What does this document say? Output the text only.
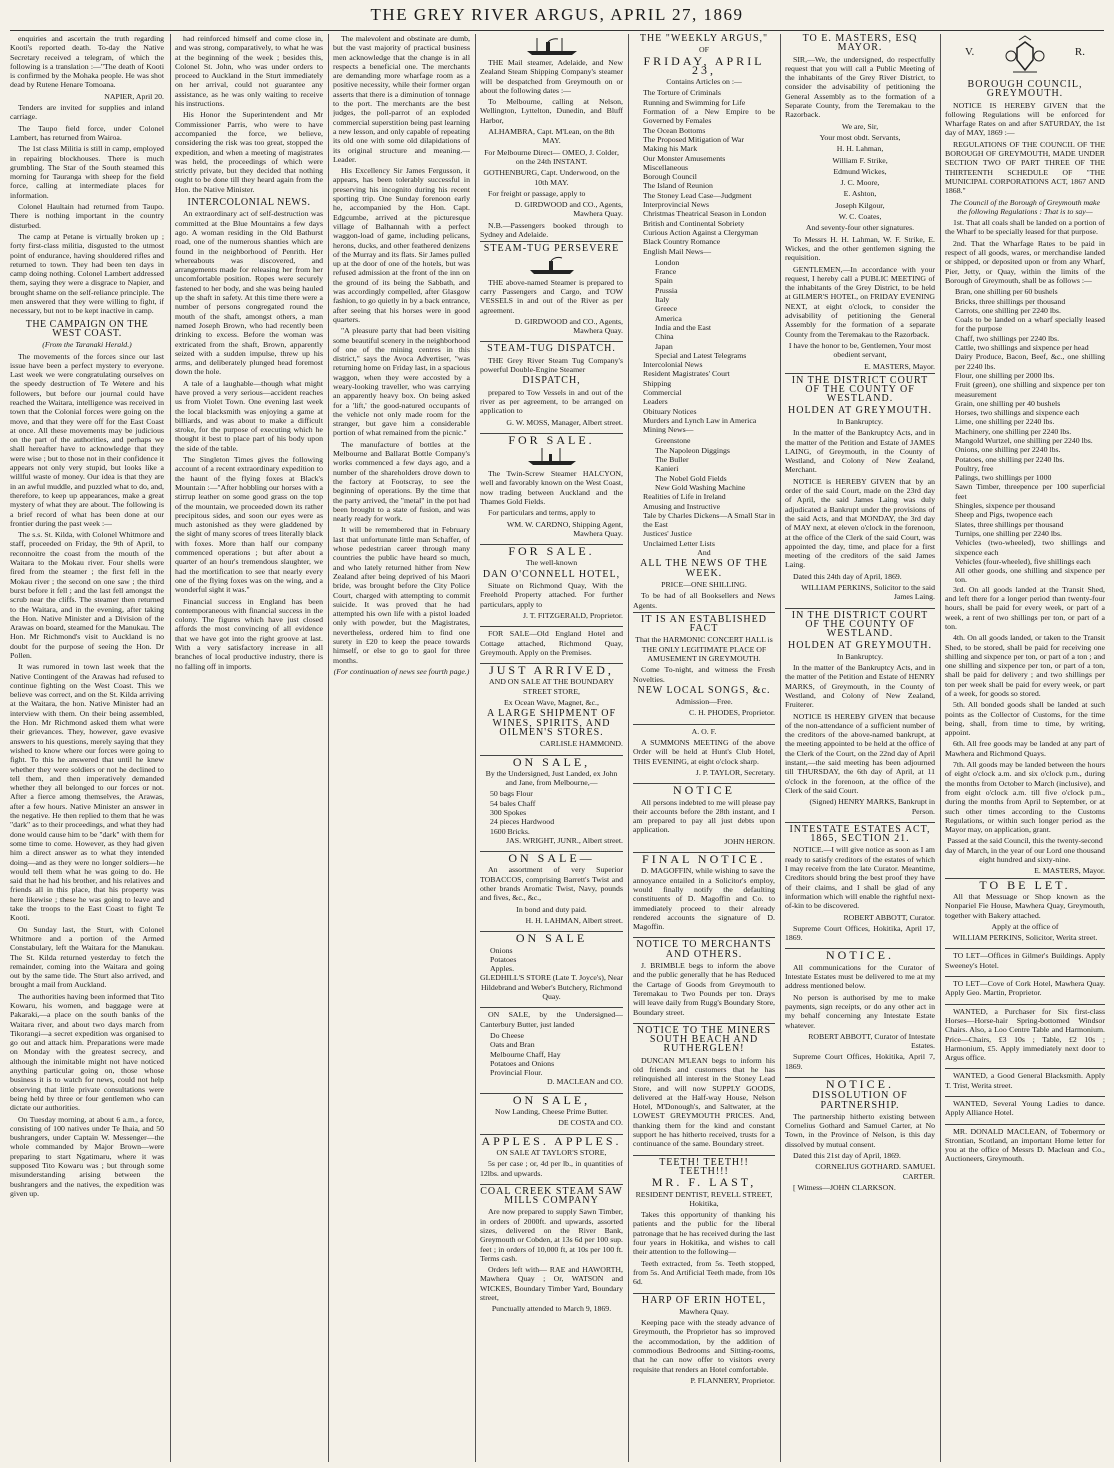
THE GREY RIVER ARGUS, APRIL 27, 1869

enquiries and ascertain the truth regarding Kooti's reported death. To-day the Native Secretary received a telegram, of which the following is a translation :—"The death of Kooti is confirmed by the Mohaka people. He was shot dead by Rutene Henare Tomoana.

NAPIER, April 20.

Tenders are invited for supplies and inland carriage.

The Taupo field force, under Colonel Lambert, has returned from Wairoa.

The 1st class Militia is still in camp, employed in repairing blockhouses. There is much grumbling. The Star of the South steamed this morning for Tauranga with sheep for the field force, calling at intermediate places for information.

Colonel Haultain had returned from Taupo. There is nothing important in the country disturbed.

The camp at Petane is virtually broken up ; forty first-class militia, disgusted to the utmost point of endurance, having shouldered rifles and returned to town. They had been ten days in camp doing nothing. Colonel Lambert addressed them, saying they were a disgrace to Napier, and brought shame on the self-reliance principle. The men answered that they were willing to fight, if necessary, but not to be kept inactive in camp.

THE CAMPAIGN ON THE WEST COAST.

(From the Taranaki Herald.)

The movements of the forces since our last issue have been a perfect mystery to everyone. Last week we were congratulating ourselves on the speedy destruction of Te Wetere and his followers, but before our journal could have reached the Waitara, intelligence was received in town that the Colonial forces were going on the move, and that they were off for the East Coast at once. All these movements may be judicious on the part of the authorities, and perhaps we shall hereafter have to acknowledge that they were wise ; but to those not in their confidence it appears not only very stupid, but looks like a willful waste of money. Our idea is that they are in an awful muddle, and puzzled what to do, and, therefore, to keep up appearances, make a great mystery of what they are about. The following is a brief record of what has been done at our frontier during the past week :—

The s.s. St. Kilda, with Colonel Whitmore and staff, proceeded on Friday, the 9th of April, to reconnoitre the coast from the mouth of the Waitara to the Mokau river. Four shells were fired from the steamer ; the first fell in the Mokau river ; the second on one saw ; the third burst before it fell ; and the last fell amongst the scrub near the cliffs. The steamer then returned to the Waitara, and in the evening, after taking the Hon. Native Minister and a Division of the Arawas on board, steamed for the Manukau. The Hon. Mr Richmond's visit to Auckland is no doubt for the purpose of seeing the Hon. Dr Pollen.

It was rumored in town last week that the Native Contingent of the Arawas had refused to continue fighting on the West Coast. This we believe was correct, and on the St. Kilda arriving at the Waitara, the hon. Native Minister had an interview with them. On their being assembled, the Hon. Mr Richmond asked them what were their grievances. They, however, gave evasive answers to his questions, merely saying that they wished to know where our forces were going to fight. To this he answered that until he knew whether they were soldiers or not he declined to tell them, and then imperatively demanded whether they all belonged to our forces or not. After a fierce among themselves, the Arawas, after a few hours. Native Minister an answer in the negative. He then replied to them that he was "dark" as to their proceedings, and what they had done would cause him to be "dark" with them for some time to come. However, as they had given him a direct answer as to what they intended doing—and as they were no longer soldiers—he would tell them what he was going to do. He said that he had his brother, and his relatives and friends all in this place, that his property was here likewise ; these he was going to leave and take the troops to the East Coast to fight Te Kooti.

On Sunday last, the Sturt, with Colonel Whitmore and a portion of the Armed Constabulary, left the Waitara for the Manukau. The St. Kilda returned yesterday to fetch the remainder, coming into the Waitara and going out by the same tide. The Sturt also arrived, and brought a mail from Auckland.

The authorities having been informed that Tito Kowaru, his women, and baggage were at Pakaraki,—a place on the south banks of the Waitara river, and about two days march from Tikorangi—a secret expedition was organised to go out and attack him. Preparations were made on Monday with the greatest secrecy, and although the inimitable might not have noticed anything particular going on, those whose business it is to watch for news, could not help observing that little private consultations were being held by three or four gentlemen who can dictate our authorities.

On Tuesday morning, at about 6 a.m., a force, consisting of 100 natives under Te Ihaia, and 50 bushrangers, under Captain W. Messenger—the whole commanded by Major Brown—were preparing to start Ngatimaru, where it was supposed Tito Kowaru was ; but through some misunderstanding arising between the bushrangers and the natives, the expedition was given up.

had reinforced himself and come close in, and was strong, comparatively, to what he was at the beginning of the week ; besides this, Colonel St. John, who was under orders to proceed to Auckland in the Sturt immediately on her arrival, could not guarantee any assistance, as he was only waiting to receive his instructions.

His Honor the Superintendent and Mr Commissioner Parris, who were to have accompanied the force, we believe, considering the risk was too great, stopped the expedition, and when a meeting of magistrates was held, the proceedings of which were strictly private, but they decided that nothing ought to be done till they heard again from the Hon. the Native Minister.

INTERCOLONIAL NEWS.

An extraordinary act of self-destruction was committed at the Blue Mountains a few days ago. A woman residing in the Old Bathurst road, one of the numerous shanties which are found in the neighborhood of Penrith. Her whereabouts was discovered, and arrangements made for releasing her from her uncomfortable position. Ropes were securely fastened to her body, and she was being hauled up the shaft in safety. At this time there were a number of persons congregated round the mouth of the shaft, amongst others, a man named Joseph Brown, who had recently been drinking to excess. Before the woman was extricated from the shaft, Brown, apparently seized with a sudden impulse, threw up his arms, and deliberately plunged head foremost down the hole.

A tale of a laughable—though what might have proved a very serious—accident reaches us from Violet Town. One evening last week the local blacksmith was enjoying a game at billiards, and was about to make a difficult stroke, for the purpose of executing which he thought it best to place part of his body upon the side of the table.

The Singleton Times gives the following account of a recent extraordinary expedition to the haunt of the flying foxes at Black's Mountain :—"After hobbling our horses with a stirrup leather on some good grass on the top of the mountain, we proceeded down its rather precipitous sides, and soon our eyes were as much astonished as they were gladdened by the sight of many scores of trees literally black with foxes. More than half our company commenced operations ; but after about a quarter of an hour's tremendous slaughter, we had the mortification to see that nearly every one of the flying foxes was on the wing, and a wonderful sight it was."

Financial success in England has been contemporaneous with financial success in the colony. The figures which have just closed affords the most convincing of all evidence that we have got into the right groove at last. With a very satisfactory increase in all branches of local productive industry, there is no falling off in imports.

The malevolent and obstinate are dumb, but the vast majority of practical business men acknowledge that the change is in all respects a beneficial one. The merchants are demanding more wharfage room as a positive necessity, while their former organ asserts that there is a diminution of tonnage to the port. The merchants are the best judges, the poll-parrot of an exploded commercial superstition being past learning a new lesson, and only capable of repeating its old one with some old dilapidations of its original structure and meaning.—Leader.

His Excellency Sir James Fergusson, it appears, has been tolerably successful in preserving his incognito during his recent sporting trip. One Sunday forenoon early he, accompanied by the Hon. Capt. Edgcumbe, arrived at the picturesque village of Balhannah with a perfect waggon-load of game, including pelicans, herons, ducks, and other feathered denizens of the Murray and its flats. Sir James pulled up at the door of one of the hotels, but was refused admission at the front of the inn on the ground of its being the Sabbath, and was accordingly compelled, after Glasgow fashion, to go quietly in by a back entrance, after seeing that his horses were in good quarters.

"A pleasure party that had been visiting some beautiful scenery in the neighborhood of one of the mining centres in this district," says the Avoca Advertiser, "was returning home on Friday last, in a spacious waggon, when they were accosted by a weary-looking traveller, who was carrying an apparently heavy box. On being asked for a 'lift,' the good-natured occupants of the vehicle not only made room for the stranger, but gave him a considerable portion of what remained from the picnic."

The manufacture of bottles at the Melbourne and Ballarat Bottle Company's works commenced a few days ago, and a number of the shareholders drove down to the factory at Footscray, to see the beginning of operations. By the time that the party arrived, the "metal" in the pot had been brought to a state of fusion, and was nearly ready for work.

It will be remembered that in February last that unfortunate little man Schaffer, of whose pedestrian career through many countries the public have heard so much, and who lately returned hither from New Zealand after being deprived of his Maori bride, was brought before the City Police Court, charged with attempting to commit suicide. It was proved that he had attempted his own life with a pistol loaded only with powder, but the Magistrates, nevertheless, ordered him to find one surety in £20 to keep the peace towards himself, or else to go to gaol for three months.

(For continuation of news see fourth page.)

THE Mail steamer, Adelaide, and New Zealand Steam Shipping Company's steamer will be despatched from Greymouth on or about the following dates :—

To Melbourne, calling at Nelson, Wellington, Lyttelton, Dunedin, and Bluff Harbor,

ALHAMBRA, Capt. M'Lean, on the 8th MAY.

For Melbourne Direct— OMEO, J. Colder, on the 24th INSTANT.

GOTHENBURG, Capt. Underwood, on the 10th MAY.

For freight or passage, apply to

D. GIRDWOOD and CO., Agents, Mawhera Quay.

N.B.—Passengers booked through to Sydney and Adelaide.

STEAM-TUG PERSEVERE

THE above-named Steamer is prepared to carry Passengers and Cargo, and TOW VESSELS in and out of the River as per agreement.

D. GIRDWOOD and CO., Agents, Mawhera Quay.

STEAM-TUG DISPATCH.

THE Grey River Steam Tug Company's powerful Double-Engine Steamer

DISPATCH,

prepared to Tow Vessels in and out of the river as per agreement, to be arranged on application to

G. W. MOSS, Manager, Albert street.

FOR SALE.

The Twin-Screw Steamer HALCYON, well and favorably known on the West Coast, now trading between Auckland and the Thames Gold Fields.

For particulars and terms, apply to

WM. W. CARDNO, Shipping Agent, Mawhera Quay.

FOR SALE.

The well-known

DAN O'CONNELL HOTEL,

Situate on Richmond Quay, With the Freehold Property attached. For further particulars, apply to

J. T. FITZGERALD, Proprietor.

FOR SALE—Old England Hotel and Cottage attached, Richmond Quay, Greymouth. Apply on the Premises.

JUST ARRIVED,

AND ON SALE AT THE BOUNDARY STREET STORE,

Ex Ocean Wave, Magnet, &c.,

A LARGE SHIPMENT OF WINES, SPIRITS, AND OILMEN'S STORES.

CARLISLE HAMMOND.

ON SALE,

By the Undersigned, Just Landed, ex John and Jane, from Melbourne,—

50 bags Flour
54 bales Chaff
300 Spokes
24 pieces Hardwood
1600 Bricks.

JAS. WRIGHT, JUNR., Albert street.

ON SALE—

An assortment of very Superior TOBACCOS, comprising Barrett's Twist and other brands Aromatic Twist, Navy, pounds and fives, &c., &c.,

In bond and duty paid.

H. H. LAHMAN, Albert street.

ON SALE

Onions
Potatoes
Apples.

GLEDHILL'S STORE (Late T. Joyce's), Near Hildebrand and Weber's Butchery, Richmond Quay.

ON SALE, by the Undersigned— Canterbury Butter, just landed

Do Cheese
Oats and Bran
Melbourne Chaff, Hay
Potatoes and Onions
Provincial Flour.

D. MACLEAN and CO.

ON SALE,

Now Landing, Cheese Prime Butter.

DE COSTA and CO.

APPLES. APPLES.

ON SALE AT TAYLOR'S STORE,

5s per case ; or, 4d per lb., in quantities of 12lbs. and upwards.

COAL CREEK STEAM SAW MILLS COMPANY

Are now prepared to supply Sawn Timber, in orders of 2000ft. and upwards, assorted sizes, delivered on the River Bank, Greymouth or Cobden, at 13s 6d per 100 sup. feet ; in orders of 10,000 ft, at 10s per 100 ft. Terms cash.

Orders left with— RAE and HAWORTH, Mawhera Quay ; Or, WATSON and WICKES, Boundary Timber Yard, Boundary street,

Punctually attended to March 9, 1869.

THE "WEEKLY ARGUS,"

OF

FRIDAY, APRIL 23,

Contains Articles on :—

The Torture of Criminals
Running and Swimming for Life
Formation of a New Empire to be Governed by Females
The Ocean Bottoms
The Proposed Mitigation of War
Making his Mark
Our Monster Amusements
Miscellaneous
Borough Council
The Island of Reunion
The Stoney Lead Case—Judgment
Interprovincial News
Christmas Theatrical Season in London
British and Continental Sobriety
Curious Action Against a Clergyman
Black Country Romance

English Mail News—

London
France
Spain
Prussia
Italy
Greece
America
India and the East
China
Japan
Special and Latest Telegrams
Intercolonial News
Resident Magistrates' Court
Shipping
Commercial
Leaders
Obituary Notices
Murders and Lynch Law in America

Mining News—

Greenstone
The Napoleon Diggings
The Buller
Kanieri
The Nobel Gold Fields
New Gold Washing Machine
Realities of Life in Ireland
Amusing and Instructive
Tale by Charles Dickens—A Small Star in the East
Justices' Justice
Unclaimed Letter Lists

And

ALL THE NEWS OF THE WEEK.

PRICE—ONE SHILLING.

To be had of all Booksellers and News Agents.

IT IS AN ESTABLISHED FACT

That the HARMONIC CONCERT HALL is THE ONLY LEGITIMATE PLACE OF AMUSEMENT IN GREYMOUTH.

Come To-night, and witness the Fresh Novelties.

NEW LOCAL SONGS, &c.

Admission—Free.

C. H. PHODES, Proprietor.

A. O. F.

A SUMMONS MEETING of the above Order will be held at Hunt's Club Hotel, THIS EVENING, at eight o'clock sharp.

J. P. TAYLOR, Secretary.

NOTICE

All persons indebted to me will please pay their accounts before the 28th instant, and I am prepared to pay all just debts upon application.

JOHN HERON.

FINAL NOTICE.

D. MAGOFFIN, while wishing to save the annoyance entailed in a Solicitor's employ, would finally notify the defaulting constituents of D. Magoffin and Co. to immediately proceed to their already rendered accounts the signature of D. Magoffin.

NOTICE TO MERCHANTS AND OTHERS.

J. BRIMBLE begs to inform the above and the public generally that he has Reduced the Cartage of Goods from Greymouth to Teremakau to Two Pounds per ton. Drays will leave daily from Rugg's Boundary Store, Boundary street.

NOTICE TO THE MINERS SOUTH BEACH AND RUTHERGLEN!

DUNCAN M'LEAN begs to inform his old friends and customers that he has relinquished all interest in the Stoney Lead Store, and will now SUPPLY GOODS, delivered at the Half-way House, Nelson Hotel, M'Donough's, and Saltwater, at the LOWEST GREYMOUTH PRICES. And, thanking them for the kind and constant support he has hitherto received, trusts for a continuance of the same. Boundary street.

TEETH! TEETH!! TEETH!!!

MR. F. LAST,

RESIDENT DENTIST, REVELL STREET, Hokitika,

Takes this opportunity of thanking his patients and the public for the liberal patronage that he has received during the last four years in Hokitika, and wishes to call their attention to the following—

Teeth extracted, from 5s. Teeth stopped, from 5s. And Artificial Teeth made, from 10s 6d.

HARP OF ERIN HOTEL,

Mawhera Quay.

Keeping pace with the steady advance of Greymouth, the Proprietor has so improved the accommodation, by the addition of commodious Bedrooms and Sitting-rooms, that he can now offer to visitors every requisite that renders an Hotel comfortable.

P. FLANNERY, Proprietor.

TO E. MASTERS, ESQ MAYOR.

SIR,—We, the undersigned, do respectfully request that you will call a Public Meeting of the inhabitants of the Grey River District, to consider the advisability of petitioning the General Assembly as to the formation of a Separate County, from the Teremakau to the Razorback.

We are, Sir,

Your most obdt. Servants,

H. H. Lahman,

William F. Strike,

Edmund Wickes,

J. C. Moore,

E. Ashton,

Joseph Kilgour,

W. C. Coates,

And seventy-four other signatures.

To Messrs H. H. Lahman, W. F. Strike, E. Wickes, and the other gentlemen signing the requisition.

GENTLEMEN,—In accordance with your request, I hereby call a PUBLIC MEETING of the inhabitants of the Grey District, to be held at GILMER'S HOTEL, on FRIDAY EVENING NEXT, at eight o'clock, to consider the advisability of petitioning the General Assembly for the formation of a separate County from the Teremakau to the Razorback.

I have the honor to be, Gentlemen, Your most obedient servant,

E. MASTERS, Mayor.

IN THE DISTRICT COURT OF THE COUNTY OF WESTLAND.

HOLDEN AT GREYMOUTH.

In Bankruptcy.

In the matter of the Bankruptcy Acts, and in the matter of the Petition and Estate of JAMES LAING, of Greymouth, in the County of Westland, and Colony of New Zealand, Merchant.

NOTICE is HEREBY GIVEN that by an order of the said Court, made on the 23rd day of April, the said James Laing was duly adjudicated a Bankrupt under the provisions of the said Acts, and that MONDAY, the 3rd day of MAY next, at eleven o'clock in the forenoon, at the office of the Clerk of the said Court, was appointed the day, time, and place for a first meeting of the creditors of the said James Laing.

Dated this 24th day of April, 1869.

WILLIAM PERKINS, Solicitor to the said James Laing.

IN THE DISTRICT COURT OF THE COUNTY OF WESTLAND.

HOLDEN AT GREYMOUTH.

In Bankruptcy.

In the matter of the Bankruptcy Acts, and in the matter of the Petition and Estate of HENRY MARKS, of Greymouth, in the County of Westland, and Colony of New Zealand, Fruiterer.

NOTICE IS HEREBY GIVEN that because of the non-attendance of a sufficient number of the creditors of the above-named bankrupt, at the meeting appointed to be held at the office of the Clerk of the Court, on the 22nd day of April instant,—the said meeting has been adjourned till THURSDAY, the 6th day of April, at 11 o'clock in the forenoon, at the office of the Clerk of the said Court.

(Signed) HENRY MARKS, Bankrupt in Person.

INTESTATE ESTATES ACT, 1865, SECTION 21.

NOTICE.—I will give notice as soon as I am ready to satisfy creditors of the estates of which I may receive from the late Curator. Meantime, Creditors should bring the best proof they have of their claims, and I shall be glad of any information which will enable the rightful next-of-kin to be discovered.

ROBERT ABBOTT, Curator.

Supreme Court Offices, Hokitika, April 17, 1869.

NOTICE.

All communications for the Curator of Intestate Estates must be delivered to me at my address mentioned below.

No person is authorised by me to make payments, sign receipts, or do any other act in my behalf concerning any Intestate Estate whatever.

ROBERT ABBOTT, Curator of Intestate Estates.

Supreme Court Offices, Hokitika, April 7, 1869.

NOTICE.

DISSOLUTION OF PARTNERSHIP.

The partnership hitherto existing between Cornelius Gothard and Samuel Carter, at No Town, in the Province of Nelson, is this day dissolved by mutual consent.

Dated this 21st day of April, 1869.

CORNELIUS GOTHARD. SAMUEL CARTER.

[ Witness—JOHN CLARKSON.

V.	R.

BOROUGH COUNCIL, GREYMOUTH.

NOTICE IS HEREBY GIVEN that the following Regulations will be enforced for Wharfage Rates on and after SATURDAY, the 1st day of MAY, 1869 :—

REGULATIONS OF THE COUNCIL OF THE BOROUGH OF GREYMOUTH, MADE UNDER SECTION TWO OF PART THREE OF THE THIRTEENTH SCHEDULE OF "THE MUNICIPAL CORPORATIONS ACT, 1867 AND 1868."

The Council of the Borough of Greymouth make the following Regulations : That is to say—

1st. That all coals shall be landed on a portion of the Wharf to be specially leased for that purpose.

2nd. That the Wharfage Rates to be paid in respect of all goods, wares, or merchandise landed or shipped, or deposited upon or from any Wharf, Pier, Jetty, or Quay, within the limits of the Borough of Greymouth, shall be as follows :—

Bran, one shilling per 60 bushels
Bricks, three shillings per thousand
Carrots, one shilling per 2240 lbs.
Coals to be landed on a wharf specially leased for the purpose
Chaff, two shillings per 2240 lbs.
Cattle, two shillings and sixpence per head
Dairy Produce, Bacon, Beef, &c., one shilling per 2240 lbs.
Flour, one shilling per 2000 lbs.
Fruit (green), one shilling and sixpence per ton measurement
Grain, one shilling per 40 bushels
Horses, two shillings and sixpence each
Lime, one shilling per 2240 lbs.
Machinery, one shilling per 2240 lbs.
Mangold Wurtzel, one shilling per 2240 lbs.
Onions, one shilling per 2240 lbs.
Potatoes, one shilling per 2240 lbs.
Poultry, free
Palings, two shillings per 1000
Sawn Timber, threepence per 100 superficial feet
Shingles, sixpence per thousand
Sheep and Pigs, twopence each
Slates, three shillings per thousand
Turnips, one shilling per 2240 lbs.
Vehicles (two-wheeled), two shillings and sixpence each
Vehicles (four-wheeled), five shillings each
All other goods, one shilling and sixpence per ton.

3rd. On all goods landed at the Transit Shed, and left there for a longer period than twenty-four hours, shall be paid for every week, or part of a week, a rent of two shillings per ton, or part of a ton.

4th. On all goods landed, or taken to the Transit Shed, to be stored, shall be paid for receiving one shilling and sixpence per ton, or part of a ton ; and one shilling and sixpence per ton, or part of a ton, shall be paid for delivery ; and two shillings per ton per week shall be paid for every week, or part of a week, for goods so stored.

5th. All bonded goods shall be landed at such points as the Collector of Customs, for the time being, shall, from time to time, by writing, appoint.

6th. All free goods may be landed at any part of Mawhera and Richmond Quays.

7th. All goods may be landed between the hours of eight o'clock a.m. and six o'clock p.m., during the months from October to March (inclusive), and from eight o'clock a.m. till five o'clock p.m., during the months from April to September, or at such other times according to the Customs Regulations, or within such longer period as the Mayor may, on application, grant.

Passed at the said Council, this the twenty-second day of March, in the year of our Lord one thousand eight hundred and sixty-nine.

E. MASTERS, Mayor.

TO BE LET.

All that Messuage or Shop known as the Nonpariel Fie House, Mawhera Quay, Greymouth, together with Bakery attached.

Apply at the office of

WILLIAM PERKINS, Solicitor, Werita street.

TO LET—Offices in Gilmer's Buildings. Apply Sweeney's Hotel.

TO LET—Cove of Cork Hotel, Mawhera Quay. Apply Geo. Martin, Proprietor.

WANTED, a Purchaser for Six first-class Horses—Horse-hair Spring-bottomed Windsor Chairs. Also, a Loo Centre Table and Harmonium. Price—Chairs, £3 10s ; Table, £2 10s ; Harmonium, £5. Apply immediately next door to Argus office.

WANTED, a Good General Blacksmith. Apply T. Trist, Werita street.

WANTED, Several Young Ladies to dance. Apply Alliance Hotel.

MR. DONALD MACLEAN, of Tobermory or Strontian, Scotland, an important Home letter for you at the office of Messrs D. Maclean and Co., Auctioneers, Greymouth.
